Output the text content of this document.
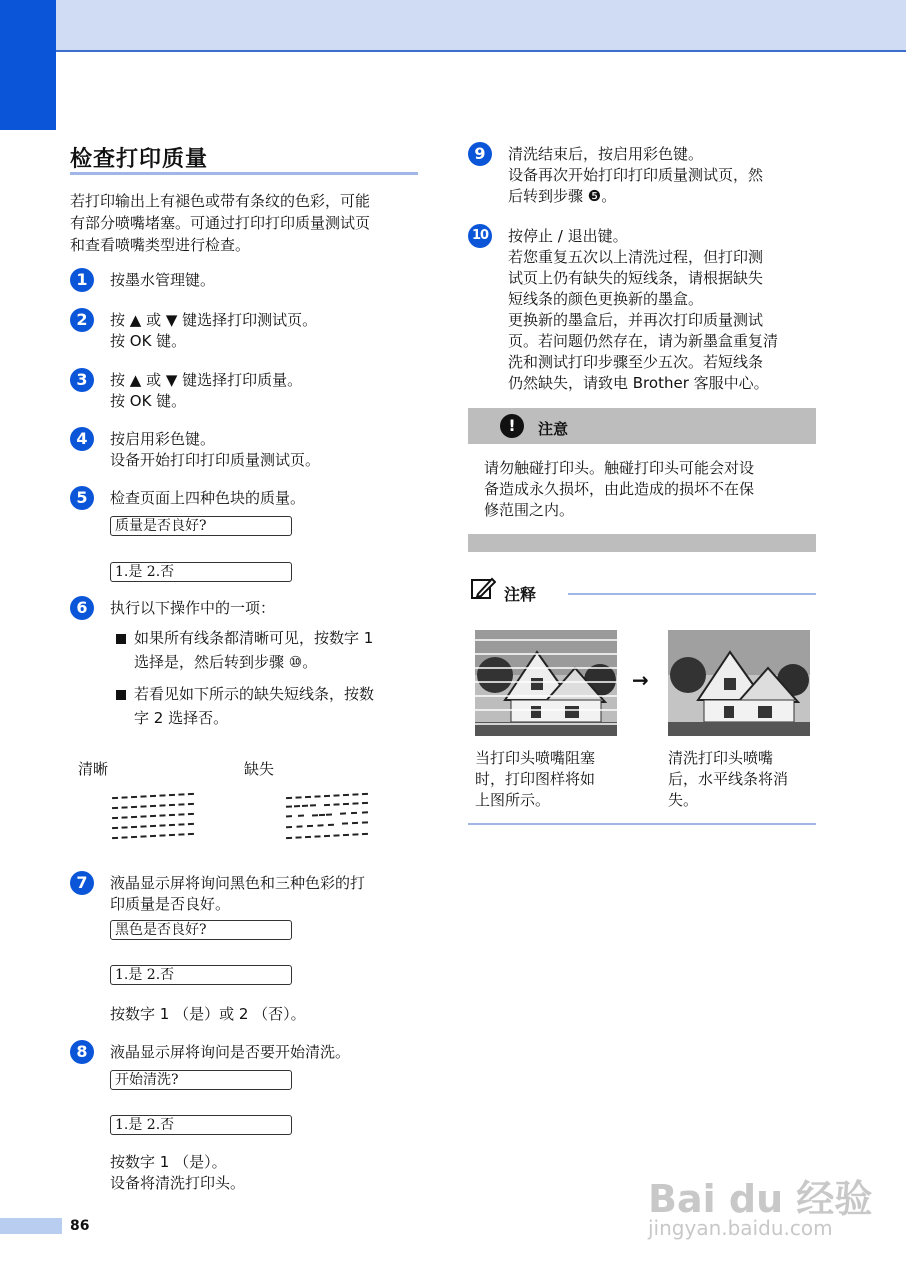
检查打印质量
若打印输出上有褪色或带有条纹的色彩，可能
有部分喷嘴堵塞。可通过打印打印质量测试页
和查看喷嘴类型进行检查。
1	按墨水管理键。
2	按 ▲ 或 ▼ 键选择打印测试页。
按 OK 键。
3	按 ▲ 或 ▼ 键选择打印质量。
按 OK 键。
4	按启用彩色键。
设备开始打印打印质量测试页。
5	检查页面上四种色块的质量。
质量是否良好?
1.是 2.否
6	执行以下操作中的一项：
如果所有线条都清晰可见，按数字 1
选择是，然后转到步骤 ⑩。
若看见如下所示的缺失短线条，按数
字 2 选择否。
清晰	缺失
7	液晶显示屏将询问黑色和三种色彩的打
印质量是否良好。
黑色是否良好?
1.是 2.否
按数字 1 （是）或 2 （否）。
8	液晶显示屏将询问是否要开始清洗。
开始清洗?
1.是 2.否
按数字 1 （是）。
设备将清洗打印头。
9	清洗结束后，按启用彩色键。
设备再次开始打印打印质量测试页，然
后转到步骤 ❺。
10 按停止 / 退出键。
若您重复五次以上清洗过程，但打印测
试页上仍有缺失的短线条，请根据缺失
短线条的颜色更换新的墨盒。
更换新的墨盒后，并再次打印质量测试
页。若问题仍然存在，请为新墨盒重复清
洗和测试打印步骤至少五次。若短线条
仍然缺失，请致电 Brother 客服中心。
!	注意
请勿触碰打印头。触碰打印头可能会对设
备造成永久损坏，由此造成的损坏不在保
修范围之内。
注释
→
当打印头喷嘴阻塞
时，打印图样将如
上图所示。
清洗打印头喷嘴
后，水平线条将消
失。
86
Bai du 经验
jingyan.baidu.com
